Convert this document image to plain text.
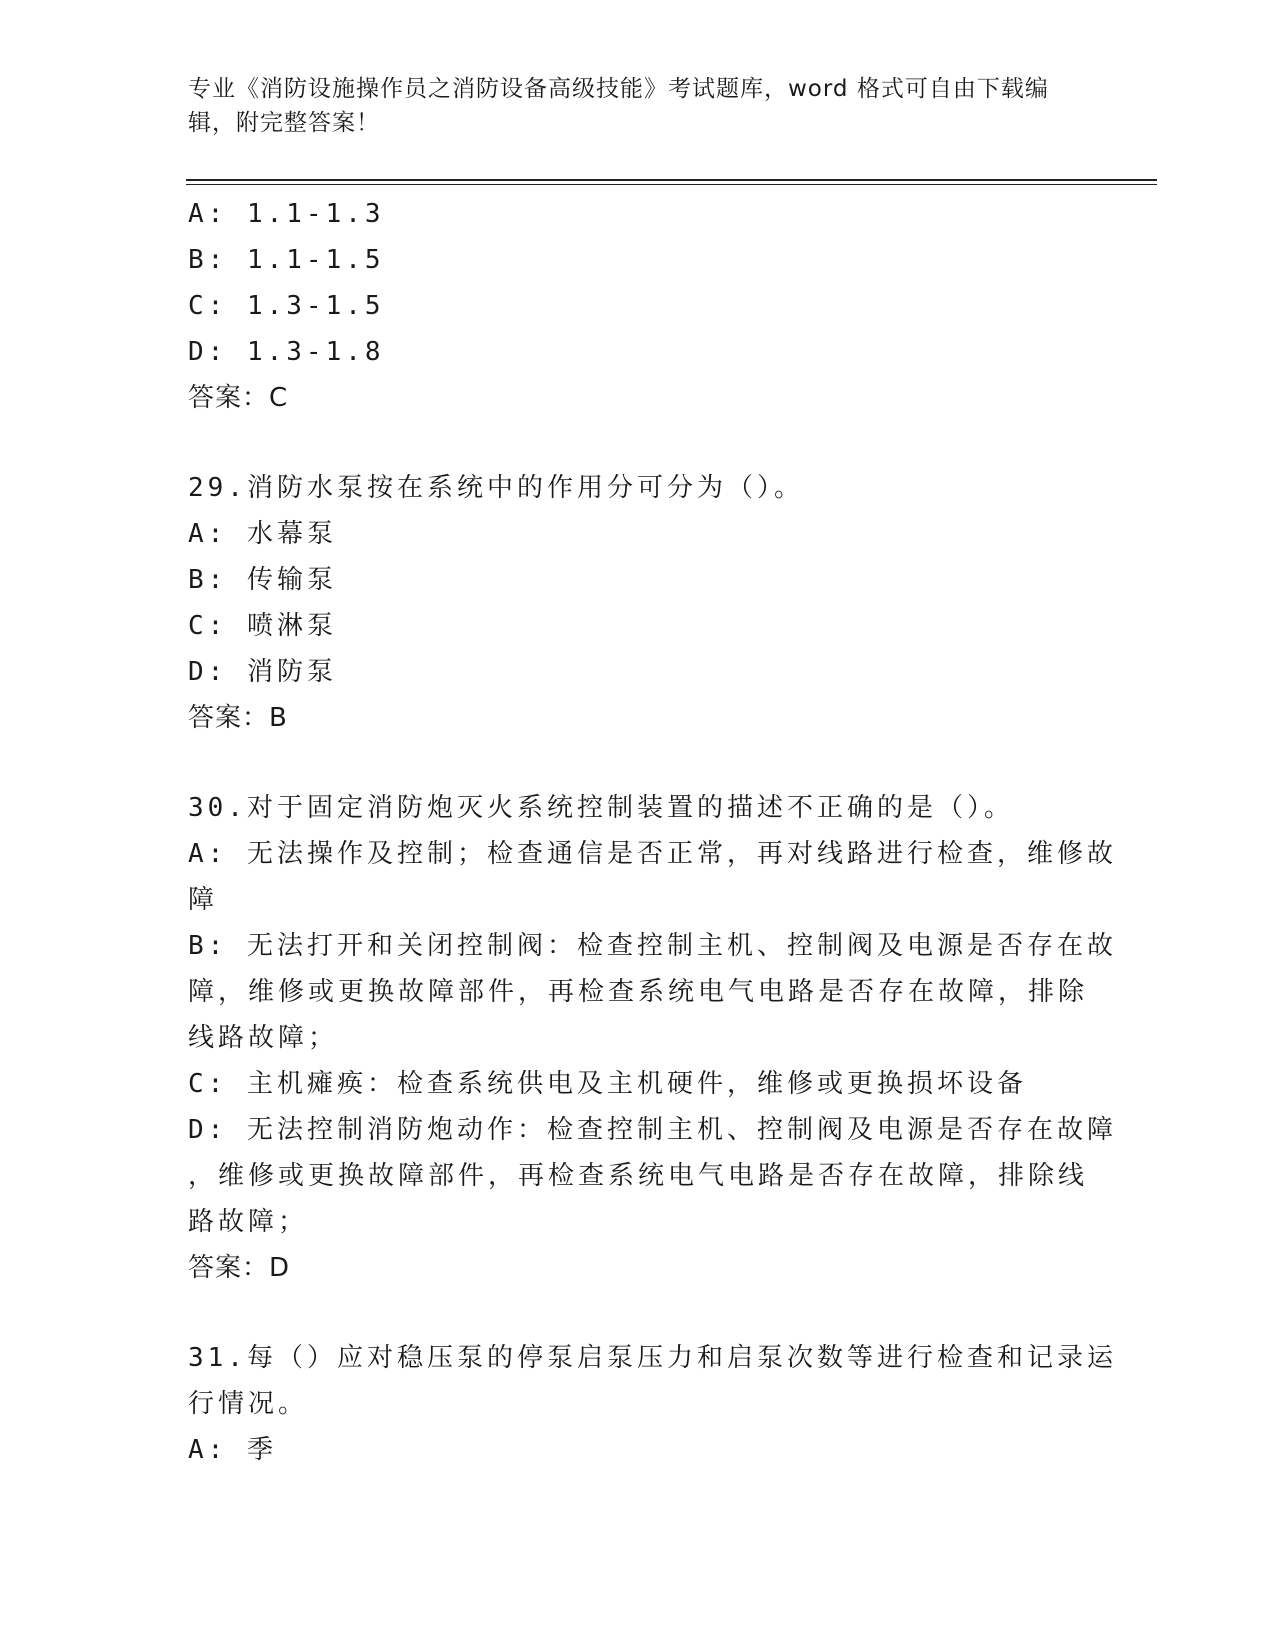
专业《消防设施操作员之消防设备高级技能》考试题库，word 格式可自由下载编
辑，附完整答案！
A: 1.1-1.3
B: 1.1-1.5
C: 1.3-1.5
D: 1.3-1.8
答案：C
29.消防水泵按在系统中的作用分可分为（）。
A: 水幕泵
B: 传输泵
C: 喷淋泵
D: 消防泵
答案：B
30.对于固定消防炮灭火系统控制装置的描述不正确的是（）。
A: 无法操作及控制；检查通信是否正常，再对线路进行检查，维修故
障
B: 无法打开和关闭控制阀：检查控制主机、控制阀及电源是否存在故
障，维修或更换故障部件，再检查系统电气电路是否存在故障，排除
线路故障；
C: 主机瘫痪：检查系统供电及主机硬件，维修或更换损坏设备
D: 无法控制消防炮动作：检查控制主机、控制阀及电源是否存在故障
，维修或更换故障部件，再检查系统电气电路是否存在故障，排除线
路故障；
答案：D
31.每（）应对稳压泵的停泵启泵压力和启泵次数等进行检查和记录运
行情况。
A: 季
